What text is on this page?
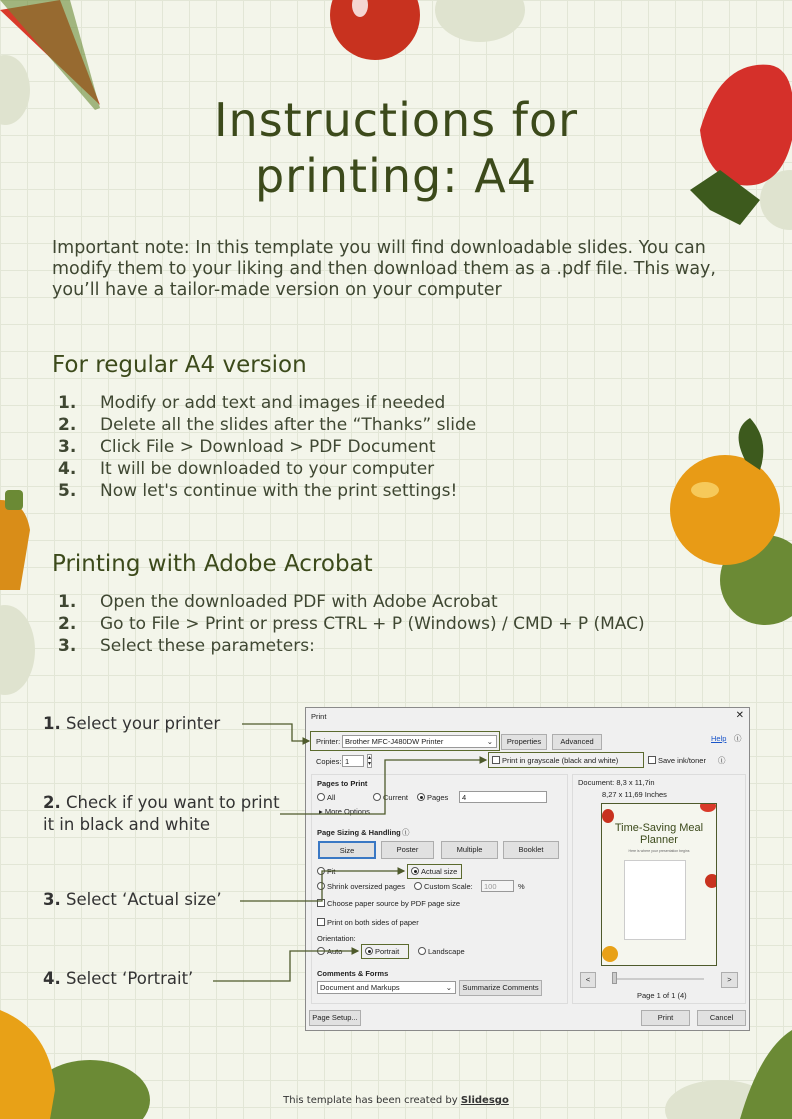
Instructions for printing: A4

Important note: In this template you will find downloadable slides. You can modify them to your liking and then download them as a .pdf file. This way, you’ll have a tailor-made version on your computer

For regular A4 version
1.	Modify or add text and images if needed
2.	Delete all the slides after the “Thanks” slide
3.	Click File > Download > PDF Document
4.	It will be downloaded to your computer
5.	Now let's continue with the print settings!
Printing with Adobe Acrobat
1.	Open the downloaded PDF with Adobe Acrobat
2.	Go to File > Print or press CTRL + P (Windows) / CMD + P (MAC)
3.	Select these parameters:
1. Select your printer
2. Check if you want to print it in black and white
3. Select ‘Actual size’
4. Select ‘Portrait’
Print	✕
Printer: Brother MFC-J480DW Printer	⌄	Properties	Advanced	Help ⓘ
Copies: 1	▴
▾	Print in grayscale (black and white)	Save ink/toner ⓘ
Pages to Print
All	Current	Pages	4
▸ More Options
Page Sizing & Handling ⓘ
Size	Poster	Multiple	Booklet
Fit	Actual size
Shrink oversized pages	Custom Scale:	100	%
Choose paper source by PDF page size
Print on both sides of paper
Orientation:
Auto	Portrait	Landscape
Comments & Forms
Document and Markups	⌄	Summarize Comments
Document: 8,3 x 11,7in
8,27 x 11,69 Inches
Time-Saving Meal Planner
Here is where your presentation begins
<	>
Page 1 of 1 (4)
Page Setup...	Print	Cancel
This template has been created by Slidesgo
